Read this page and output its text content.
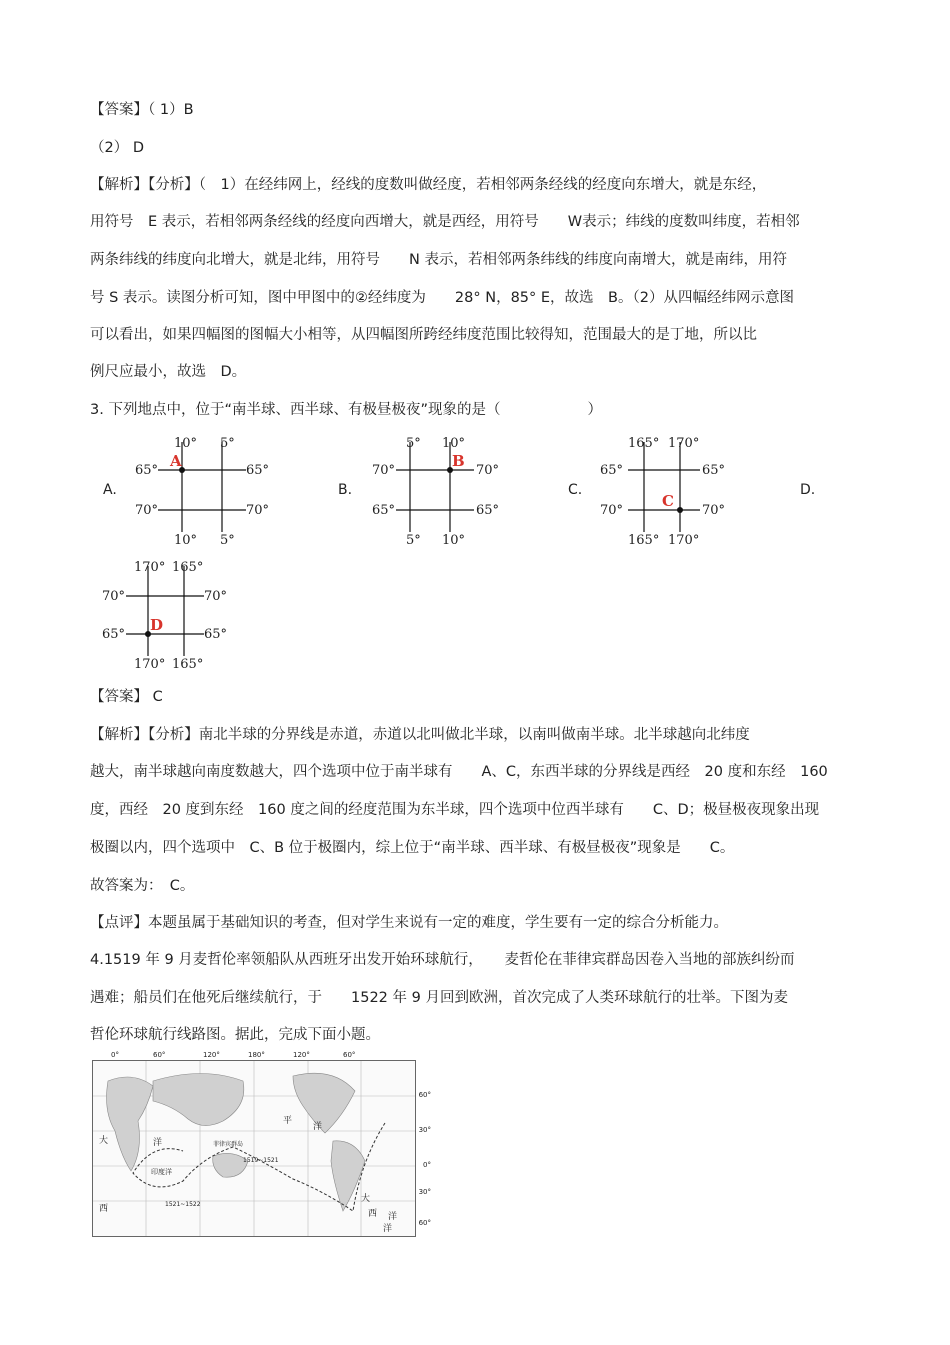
【答案】（ 1）B
（2） D
【解析】【分析】（　1）在经纬网上，经线的度数叫做经度，若相邻两条经线的经度向东增大，就是东经，
用符号　E 表示，若相邻两条经线的经度向西增大，就是西经，用符号　　W表示；纬线的度数叫纬度，若相邻
两条纬线的纬度向北增大，就是北纬，用符号　　N 表示，若相邻两条纬线的纬度向南增大，就是南纬，用符
号 S 表示。读图分析可知，图中甲图中的②经纬度为　　28° N，85° E，故选　B。（2）从四幅经纬网示意图
可以看出，如果四幅图的图幅大小相等，从四幅图所跨经纬度范围比较得知，范围最大的是丁地，所以比
例尺应最小，故选　D。
3. 下列地点中，位于“南半球、西半球、有极昼极夜”现象的是（　　　　　　）
A.
A
10° 5°
10° 5°
65°	65°
70°	70°
B.
B
5° 10°
5° 10°
70°	70°
65°	65°
C.
C
165° 170°
165° 170°
65°	65°
70°	70°
D.
D
170° 165°
170° 165°
70°	70°
65°	65°
【答案】 C
【解析】【分析】南北半球的分界线是赤道，赤道以北叫做北半球，以南叫做南半球。北半球越向北纬度
越大，南半球越向南度数越大，四个选项中位于南半球有　　A、C，东西半球的分界线是西经　20 度和东经　160
度，西经　20 度到东经　160 度之间的经度范围为东半球，四个选项中位西半球有　　C、D；极昼极夜现象出现
极圈以内，四个选项中　C、B 位于极圈内，综上位于“南半球、西半球、有极昼极夜”现象是　　C。
故答案为：　C。
【点评】本题虽属于基础知识的考查，但对学生来说有一定的难度，学生要有一定的综合分析能力。
4.1519 年 9 月麦哲伦率领船队从西班牙出发开始环球航行，　　麦哲伦在菲律宾群岛因卷入当地的部族纠纷而
遇难；船员们在他死后继续航行，于　　1522 年 9 月回到欧洲，首次完成了人类环球航行的壮举。下图为麦
哲伦环球航行线路图。据此，完成下面小题。
0°	60°	120°	180°	120°	60°
60°
30°
0°
30°
60°
大	洋
平
洋
大
西	西 洋
洋
菲律宾群岛
印度洋
1519~1521
1521~1522
